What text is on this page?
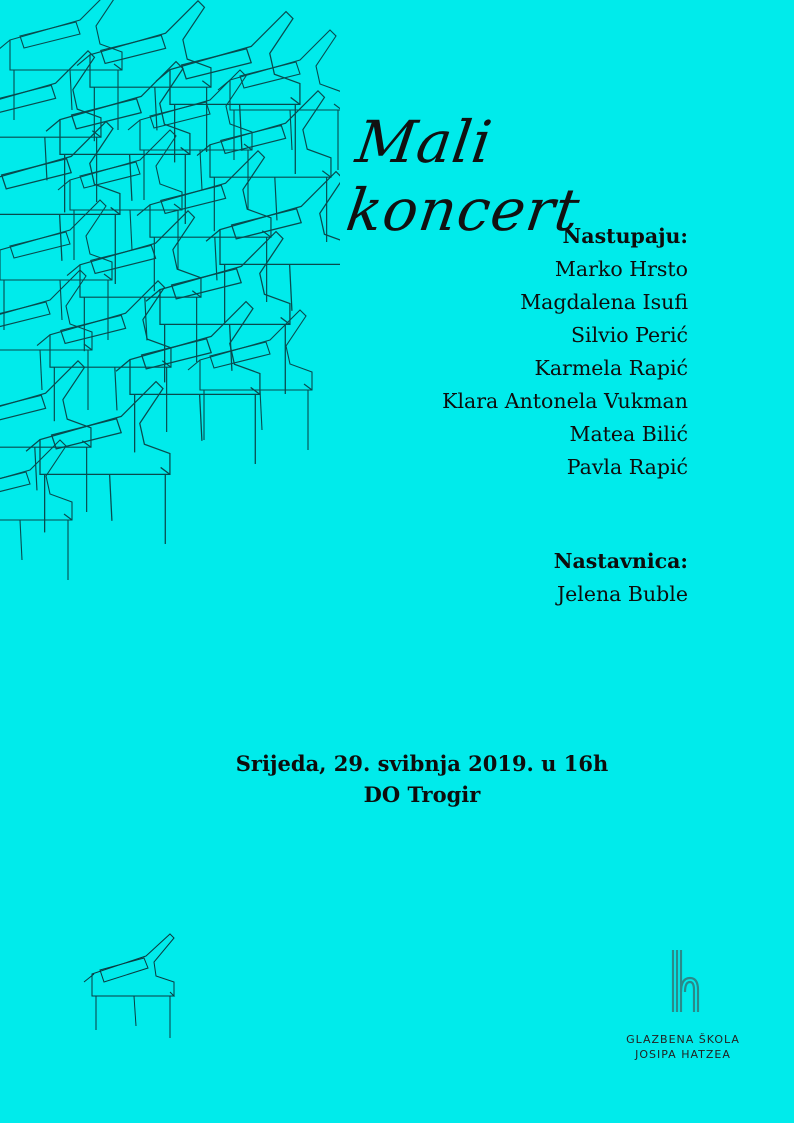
Mali koncert
Nastupaju:
Marko Hrsto
Magdalena Isufi
Silvio Perić
Karmela Rapić
Klara Antonela Vukman
Matea Bilić
Pavla Rapić
Nastavnica:
Jelena Buble
Srijeda, 29. svibnja 2019. u 16h
DO Trogir
GLAZBENA ŠKOLA
JOSIPA HATZEA
